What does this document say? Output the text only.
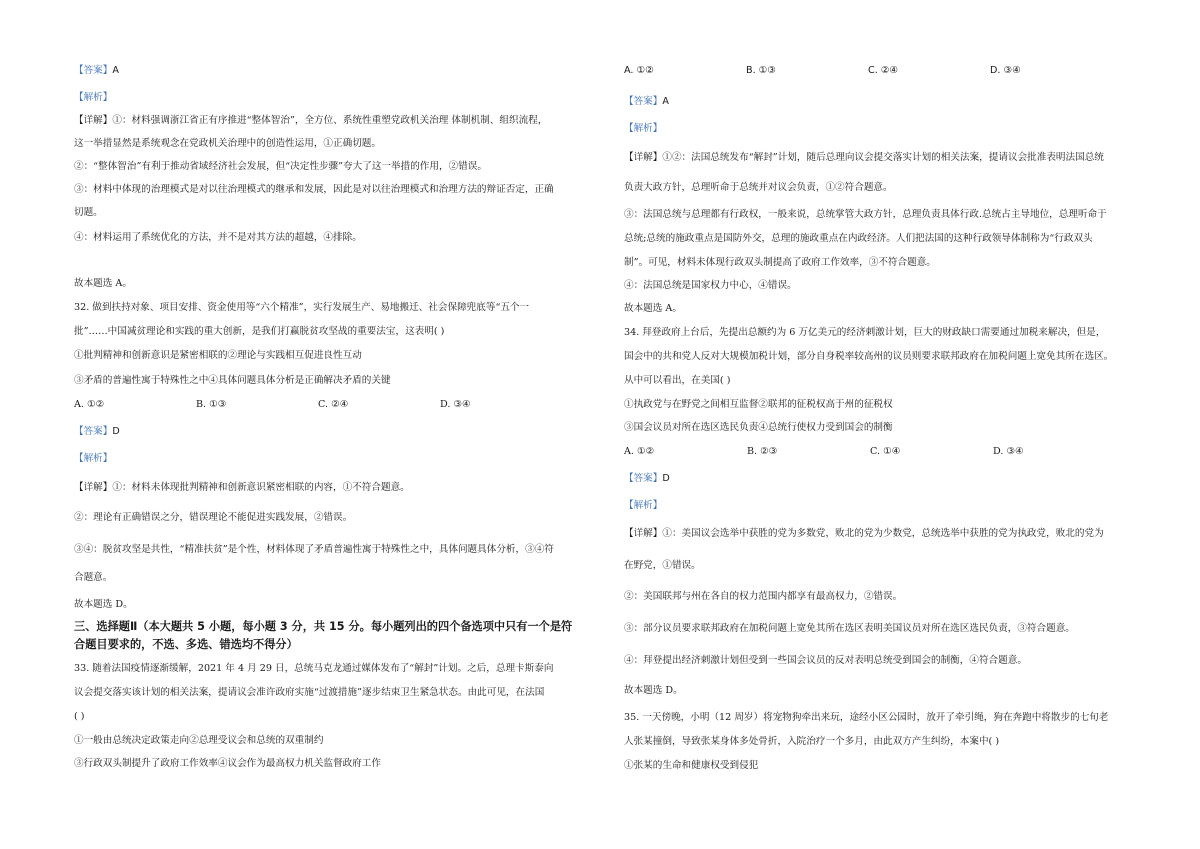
【答案】A
【解析】
【详解】①：材料强调浙江省正有序推进“整体智治”，全方位、系统性重塑党政机关治理 体制机制、组织流程，
这一举措显然是系统观念在党政机关治理中的创造性运用，①正确切题。
②：“整体智治”有利于推动省域经济社会发展，但“决定性步骤”夸大了这一举措的作用，②错误。
③：材料中体现的治理模式是对以往治理模式的继承和发展，因此是对以往治理模式和治理方法的辩证否定，正确
切题。
④：材料运用了系统优化的方法，并不是对其方法的超越，④排除。
故本题选 A。
32. 做到扶持对象、项目安排、资金使用等“六个精准”，实行发展生产、易地搬迁、社会保障兜底等“五个一
批”……中国减贫理论和实践的重大创新，是我们打赢脱贫攻坚战的重要法宝，这表明( )
①批判精神和创新意识是紧密相联的②理论与实践相互促进良性互动
③矛盾的普遍性寓于特殊性之中④具体问题具体分析是正确解决矛盾的关键
A. ①②	B. ①③	C. ②④	D. ③④
【答案】D
【解析】
【详解】①：材料未体现批判精神和创新意识紧密相联的内容，①不符合题意。
②：理论有正确错误之分，错误理论不能促进实践发展，②错误。
③④：脱贫攻坚是共性，“精准扶贫”是个性，材料体现了矛盾普遍性寓于特殊性之中，具体问题具体分析，③④符
合题意。
故本题选 D。
三、选择题Ⅱ（本大题共 5 小题，每小题 3 分，共 15 分。每小题列出的四个备选项中只有一个是符
合题目要求的，不选、多选、错选均不得分）
33. 随着法国疫情逐渐缓解，2021 年 4 月 29 日，总统马克龙通过媒体发布了“解封”计划。之后，总理卡斯泰向
议会提交落实该计划的相关法案，提请议会准许政府实施“过渡措施”逐步结束卫生紧急状态。由此可见，在法国
( )
①一般由总统决定政策走向②总理受议会和总统的双重制约
③行政双头制提升了政府工作效率④议会作为最高权力机关监督政府工作
A. ①②	B. ①③	C. ②④	D. ③④
【答案】A
【解析】
【详解】①②：法国总统发布“解封”计划，随后总理向议会提交落实计划的相关法案，提请议会批准表明法国总统
负责大政方针，总理听命于总统并对议会负责，①②符合题意。
③：法国总统与总理都有行政权，一般来说，总统掌管大政方针，总理负责具体行政.总统占主导地位，总理听命于
总统;总统的施政重点是国防外交，总理的施政重点在内政经济。人们把法国的这种行政领导体制称为“行政双头
制”。可见，材料未体现行政双头制提高了政府工作效率，③不符合题意。
④：法国总统是国家权力中心，④错误。
故本题选 A。
34. 拜登政府上台后，先提出总额约为 6 万亿美元的经济刺激计划，巨大的财政缺口需要通过加税来解决，但是，
国会中的共和党人反对大规模加税计划，部分自身税率较高州的议员则要求联邦政府在加税问题上宽免其所在选区。
从中可以看出，在美国( )
①执政党与在野党之间相互监督②联邦的征税权高于州的征税权
③国会议员对所在选区选民负责④总统行使权力受到国会的制衡
A. ①②	B. ②③	C. ①④	D. ③④
【答案】D
【解析】
【详解】①：美国议会选举中获胜的党为多数党，败北的党为少数党，总统选举中获胜的党为执政党，败北的党为
在野党，①错误。
②：美国联邦与州在各自的权力范围内都享有最高权力，②错误。
③：部分议员要求联邦政府在加税问题上宽免其所在选区表明美国议员对所在选区选民负责，③符合题意。
④：拜登提出经济刺激计划但受到一些国会议员的反对表明总统受到国会的制衡，④符合题意。
故本题选 D。
35. 一天傍晚，小明（12 周岁）将宠物狗牵出来玩，途经小区公园时，放开了牵引绳，狗在奔跑中将散步的七旬老
人张某撞倒，导致张某身体多处骨折，入院治疗一个多月，由此双方产生纠纷，本案中( )
①张某的生命和健康权受到侵犯
